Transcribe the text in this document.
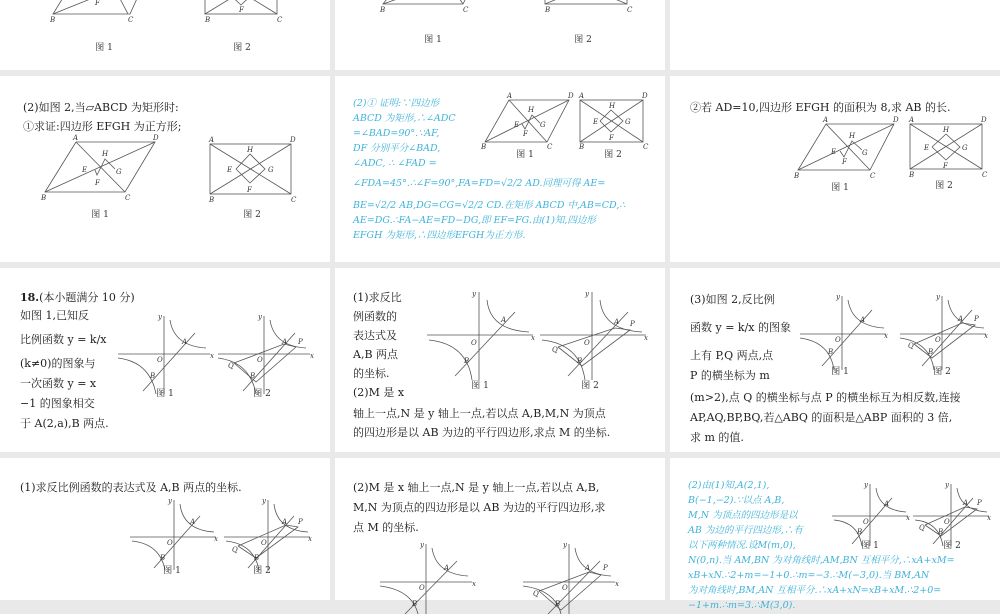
F
B	C
图 1
F
B	C
图 2
B	C
图 1
B	C
图 2
(2)如图 2,当▱ABCD 为矩形时:
①求证:四边形 EFGH 为正方形;
A	D
H
E	G
F
B	C
图 1
A	D
H
E	G
F
B	C
图 2
(2)① 证明:∵四边形
ABCD 为矩形,∴∠ADC
=∠BAD=90°.∵AF,
DF 分别平分∠BAD,
∠ADC, ∴ ∠FAD =
∠FDA=45°.∴∠F=90°,FA=FD=√2/2 AD.同理可得 AE=
BE=√2/2 AB,DG=CG=√2/2 CD.在矩形 ABCD 中,AB=CD,∴
AE=DG.∴FA−AE=FD−DG,即 EF=FG.由(1)知,四边形
EFGH 为矩形,∴四边形EFGH为正方形.
A	D
H
E	G
F
B	C
图 1
A	D
H
E	G
F
B	C
图 2
②若 AD=10,四边形 EFGH 的面积为 8,求 AB 的长.
A	D
H
E	G
F
B	C
图 1
A	D
H
E	G
F
B	C
图 2
18.(本小题满分 10 分)
如图 1,已知反
比例函数 y = k/x
(k≠0)的图象与
一次函数 y = x
−1 的图象相交
于 A(2,a),B 两点.
y
x
O
A
B
图 1
y
x
O
A P
Q
B
图 2
(1)求反比
例函数的
表达式及
A,B 两点
的坐标.
(2)M 是 x
轴上一点,N 是 y 轴上一点,若以点 A,B,M,N 为顶点
的四边形是以 AB 为边的平行四边形,求点 M 的坐标.
y
x
O
A
B
图 1
y
x
O
A P
Q
B
图 2
(3)如图 2,反比例
函数 y = k/x 的图象
上有 P,Q 两点,点
P 的横坐标为 m
(m>2),点 Q 的横坐标与点 P 的横坐标互为相反数,连接
AP,AQ,BP,BQ,若△ABQ 的面积是△ABP 面积的 3 倍,
求 m 的值.
y
x
O
A
B
图 1
y
x
O
A P
Q
B
图 2
(1)求反比例函数的表达式及 A,B 两点的坐标.
y
x
O
A
B
图 1
y
x
O
A P
Q
B
图 2
(2)M 是 x 轴上一点,N 是 y 轴上一点,若以点 A,B,
M,N 为顶点的四边形是以 AB 为边的平行四边形,求
点 M 的坐标.
y
x
O
A
B
y
x
O
A P
Q
B
(2)由(1)知,A(2,1),
B(−1,−2).∵以点 A,B,
M,N 为顶点的四边形是以
AB 为边的平行四边形,∴有
以下两种情况.设M(m,0),
N(0,n).当 AM,BN 为对角线时,AM,BN 互相平分,∴xA+xM=
xB+xN.∴2+m=−1+0.∴m=−3.∴M(−3,0).当 BM,AN
为对角线时,BM,AN 互相平分.∴xA+xN=xB+xM.∴2+0=
−1+m.∴m=3.∴M(3,0).
y
x
O
A
B
图 1
y
x
O
A P
Q B
图 2
